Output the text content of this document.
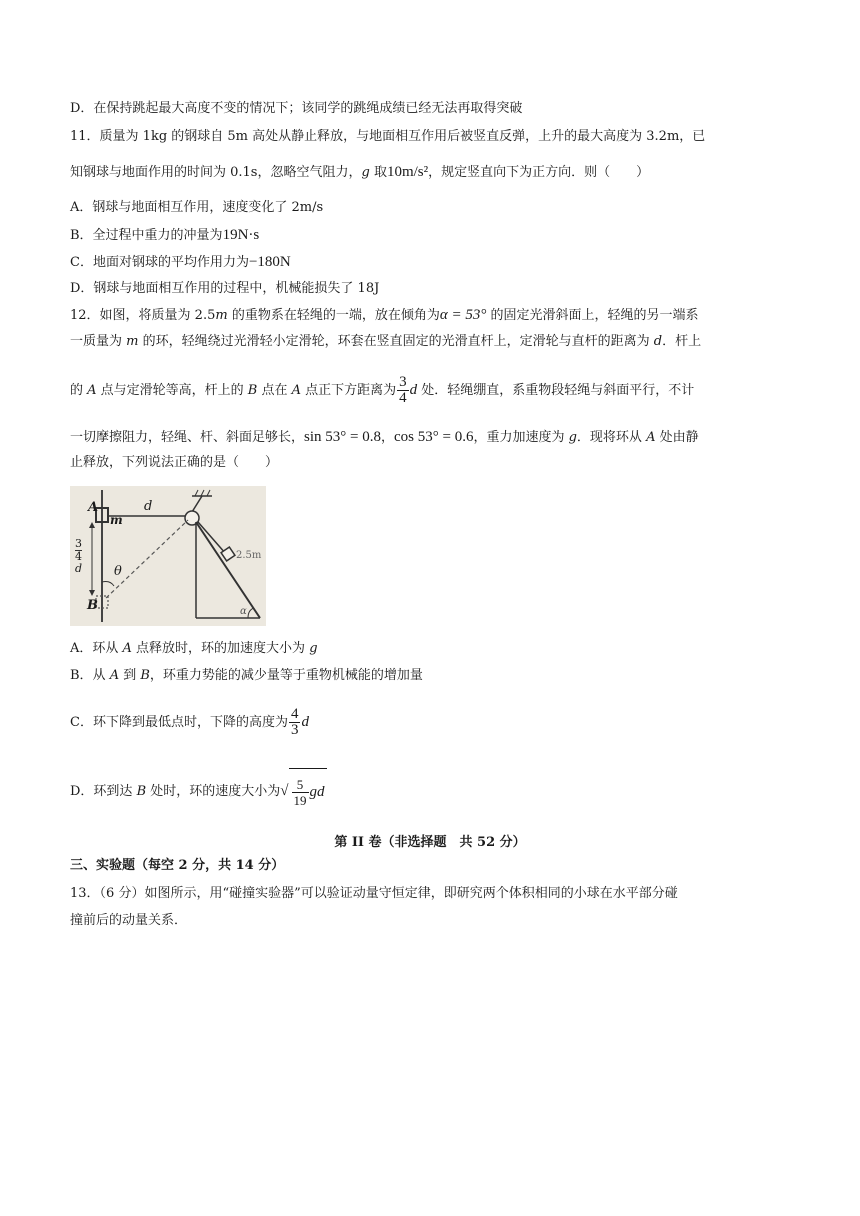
D．在保持跳起最大高度不变的情况下；该同学的跳绳成绩已经无法再取得突破
11．质量为 1kg 的钢球自 5m 高处从静止释放，与地面相互作用后被竖直反弹，上升的最大高度为 3.2m，已
知钢球与地面作用的时间为 0.1s，忽略空气阻力，g 取10m/s²，规定竖直向下为正方向．则（　　）
A．钢球与地面相互作用，速度变化了 2m/s
B．全过程中重力的冲量为19N·s
C．地面对钢球的平均作用力为−180N
D．钢球与地面相互作用的过程中，机械能损失了 18J
12．如图，将质量为 2.5m 的重物系在轻绳的一端，放在倾角为α = 53° 的固定光滑斜面上，轻绳的另一端系
一质量为 m 的环，轻绳绕过光滑轻小定滑轮，环套在竖直固定的光滑直杆上，定滑轮与直杆的距离为 d．杆上
的 A 点与定滑轮等高，杆上的 B 点在 A 点正下方距离为 $\frac{3}{4}$ d 处．轻绳绷直，系重物段轻绳与斜面平行，不计
一切摩擦阻力，轻绳、杆、斜面足够长，sin 53° = 0.8，cos 53° = 0.6，重力加速度为 g．现将环从 A 处由静
止释放，下列说法正确的是（　　）
A
m
d
3
4
d θ
B
2.5m
α
A．环从 A 点释放时，环的加速度大小为 g
B．从 A 到 B，环重力势能的减少量等于重物机械能的增加量
C．环下降到最低点时，下降的高度为 $\frac{4}{3}$ d
D．环到达 B 处时，环的速度大小为√ $\frac{5}{19}$ gd
第 II 卷（非选择题　共 52 分）
三、实验题（每空 2 分，共 14 分）
13．（6 分）如图所示，用“碰撞实验器”可以验证动量守恒定律，即研究两个体积相同的小球在水平部分碰
撞前后的动量关系．
